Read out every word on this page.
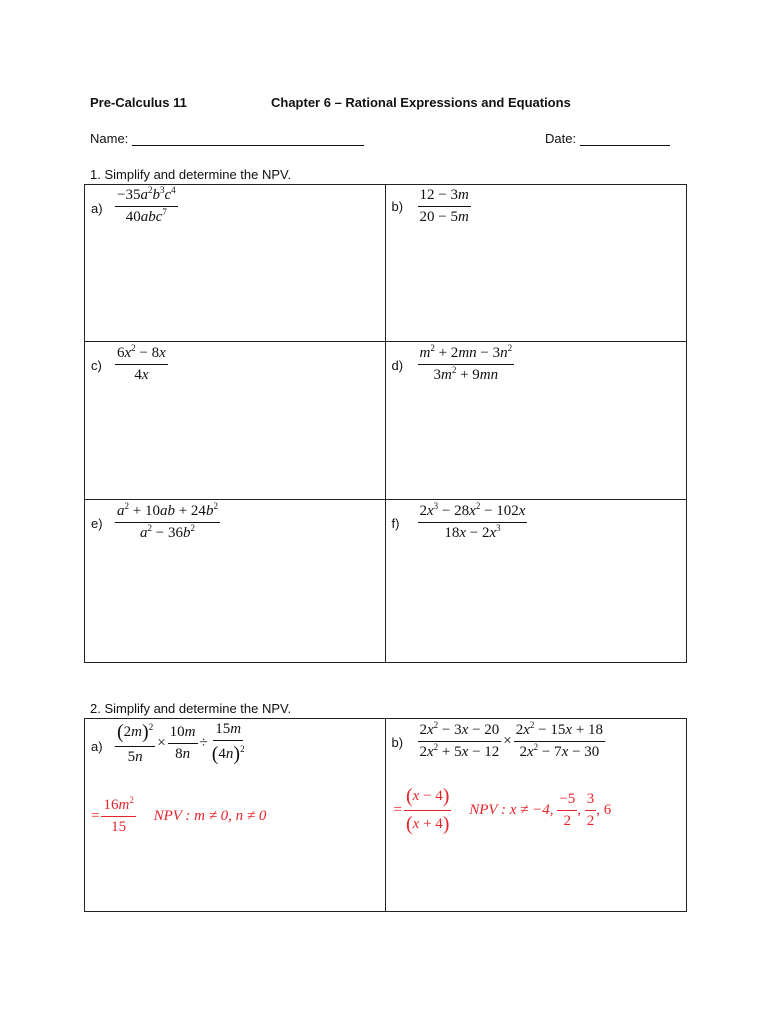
Pre-Calculus 11	Chapter 6 – Rational Expressions and Equations
Name:	Date:
1. Simplify and determine the NPV.
$a) \frac{-35a^2b^3c^4}{40abc^7}$	$b) \frac{12 - 3m}{20 - 5m}$

$c) \frac{6x^2 - 8x}{4x}$	$d) \frac{m^2 + 2mn - 3n^2}{3m^2 + 9mn}$

$e) \frac{a^2 + 10ab + 24b^2}{a^2 - 36b^2}$	$f) \frac{2x^3 - 28x^2 - 102x}{18x - 2x^3}$
2. Simplify and determine the NPV.
$a) \frac{(2m)^2}{5n} \times \frac{10m}{8n} \div \frac{15m}{(4n)^2}$
= $\frac{16m^2}{15}$ NPV : m ≠ 0, n ≠ 0

$b) \frac{2x^2 - 3x - 20}{2x^2 + 5x - 12} \times \frac{2x^2 - 15x + 18}{2x^2 - 7x - 30}$
= $\frac{(x - 4)}{(x + 4)}$ NPV : x ≠ −4, $\frac{-5}{2}$ , $\frac{3}{2}$ , 6
